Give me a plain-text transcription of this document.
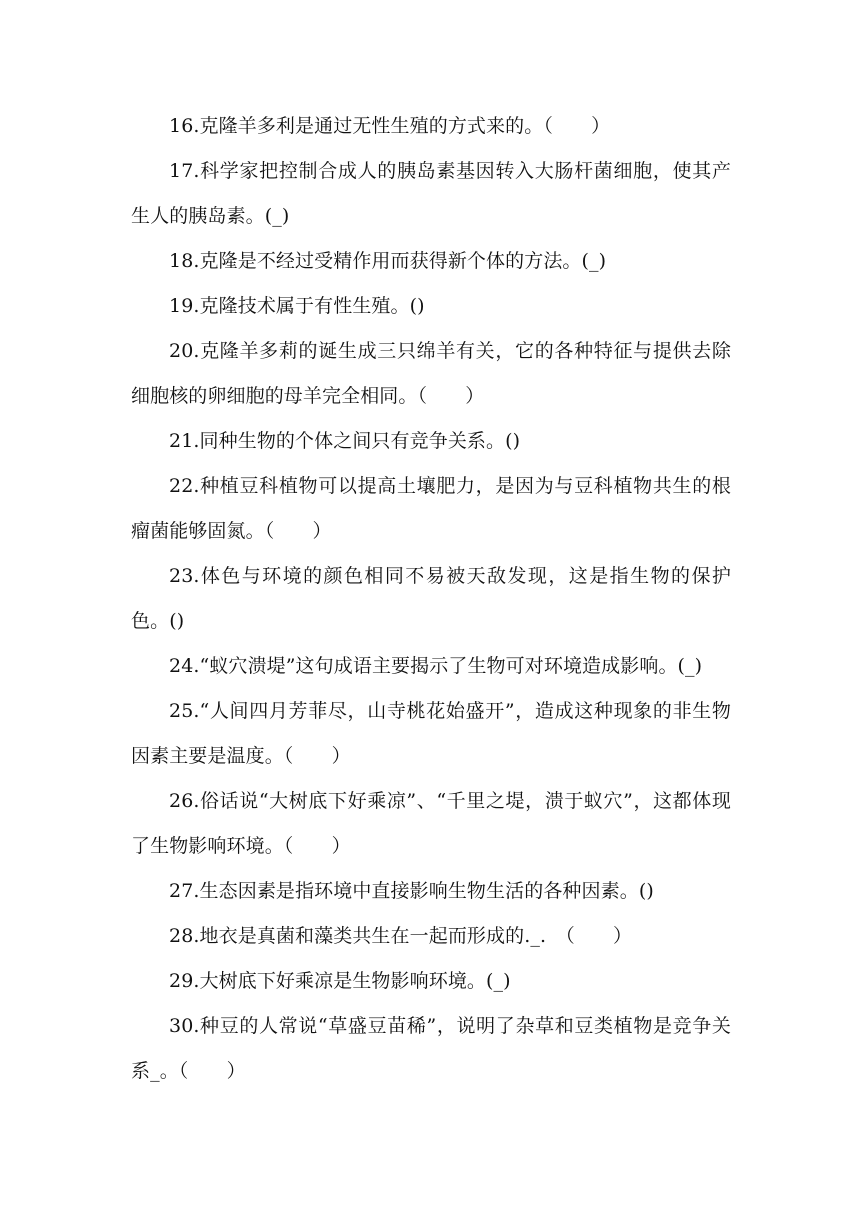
16.克隆羊多利是通过无性生殖的方式来的。（　　）

17.科学家把控制合成人的胰岛素基因转入大肠杆菌细胞，使其产生人的胰岛素。(_)

18.克隆是不经过受精作用而获得新个体的方法。(_)

19.克隆技术属于有性生殖。()

20.克隆羊多莉的诞生成三只绵羊有关，它的各种特征与提供去除细胞核的卵细胞的母羊完全相同。（　　）

21.同种生物的个体之间只有竞争关系。()

22.种植豆科植物可以提高土壤肥力，是因为与豆科植物共生的根瘤菌能够固氮。（　　）

23.体色与环境的颜色相同不易被天敌发现，这是指生物的保护色。()

24.“蚁穴溃堤”这句成语主要揭示了生物可对环境造成影响。(_)

25.“人间四月芳菲尽，山寺桃花始盛开”，造成这种现象的非生物因素主要是温度。（　　）

26.俗话说“大树底下好乘凉”、“千里之堤，溃于蚁穴”，这都体现了生物影响环境。（　　）

27.生态因素是指环境中直接影响生物生活的各种因素。()

28.地衣是真菌和藻类共生在一起而形成的._.　（　　）

29.大树底下好乘凉是生物影响环境。(_)

30.种豆的人常说“草盛豆苗稀”，说明了杂草和豆类植物是竞争关系_。（　　）
